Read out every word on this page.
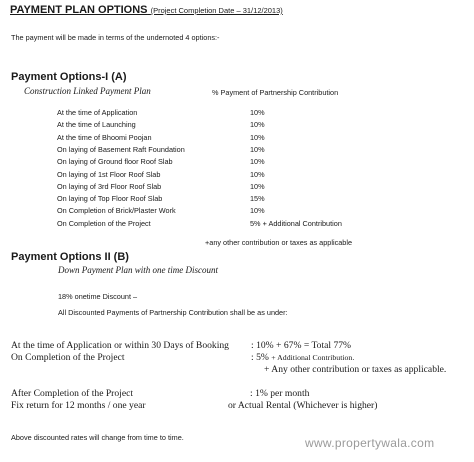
PAYMENT PLAN OPTIONS (Project Completion Date – 31/12/2013)
The payment will be made in terms of the undernoted 4 options:-
Payment Options-I (A)
Construction Linked Payment Plan	% Payment of Partnership Contribution
At the time of Application	10%
At the time of Launching	10%
At the time of Bhoomi Poojan	10%
On laying of Basement Raft Foundation	10%
On laying of Ground floor Roof Slab	10%
On laying of 1st Floor Roof Slab	10%
On laying of 3rd Floor Roof Slab	10%
On laying of Top Floor Roof Slab	15%
On Completion of Brick/Plaster Work	10%
On Completion of the Project	5% + Additional Contribution
+any other contribution or taxes as applicable
Payment Options II (B)
Down Payment Plan with one time Discount
18% onetime Discount –
All Discounted Payments of Partnership Contribution shall be as under:
At the time of Application or within 30 Days of Booking : 10% + 67% = Total 77%
On Completion of the Project	: 5% + Additional Contribution.
+ Any other contribution or taxes as applicable.
After Completion of the Project	: 1% per month
Fix return for 12 months / one year	or Actual Rental (Whichever is higher)
Above discounted rates will change from time to time.	www.propertywala.com
